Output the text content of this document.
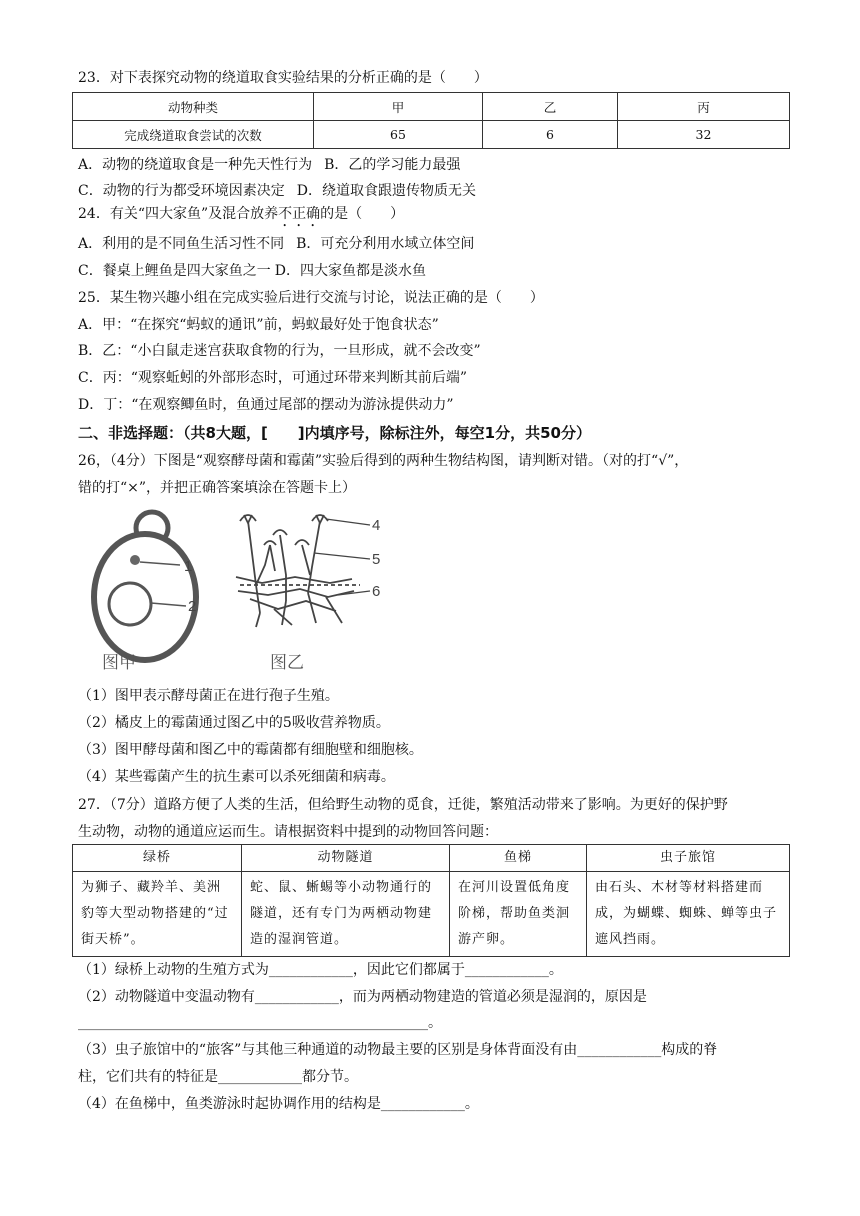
23．对下表探究动物的绕道取食实验结果的分析正确的是（　　）
动物种类	甲	乙	丙
完成绕道取食尝试的次数	65	6	32
A．动物的绕道取食是一种先天性行为 B．乙的学习能力最强
C．动物的行为都受环境因素决定 D．绕道取食跟遗传物质无关
24．有关“四大家鱼”及混合放养不正确的是（　　）
A．利用的是不同鱼生活习性不同 B．可充分利用水域立体空间
C．餐桌上鲤鱼是四大家鱼之一 D．四大家鱼都是淡水鱼
25．某生物兴趣小组在完成实验后进行交流与讨论，说法正确的是（　　）
A．甲：“在探究“蚂蚁的通讯”前，蚂蚁最好处于饱食状态”
B．乙：“小白鼠走迷宫获取食物的行为，一旦形成，就不会改变”
C．丙：“观察蚯蚓的外部形态时，可通过环带来判断其前后端”
D．丁：“在观察鲫鱼时，鱼通过尾部的摆动为游泳提供动力”
二、非选择题：（共8大题，[　　]内填序号，除标注外，每空1分，共50分）
26，（4分）下图是“观察酵母菌和霉菌”实验后得到的两种生物结构图，请判断对错。（对的打“√”，
错的打“×”，并把正确答案填涂在答题卡上）
1
2
图甲
4
5
6
图乙
（1）图甲表示酵母菌正在进行孢子生殖。
（2）橘皮上的霉菌通过图乙中的5吸收营养物质。
（3）图甲酵母菌和图乙中的霉菌都有细胞壁和细胞核。
（4）某些霉菌产生的抗生素可以杀死细菌和病毒。
27．（7分）道路方便了人类的生活，但给野生动物的觅食，迁徙，繁殖活动带来了影响。为更好的保护野
生动物，动物的通道应运而生。请根据资料中提到的动物回答问题：
绿桥	动物隧道	鱼梯	虫子旅馆
为狮子、藏羚羊、美洲豹等大型动物搭建的“过街天桥”。	蛇、鼠、蜥蜴等小动物通行的隧道，还有专门为两栖动物建造的湿润管道。	在河川设置低角度阶梯，帮助鱼类洄游产卵。	由石头、木材等材料搭建而成，为蝴蝶、蜘蛛、蝉等虫子遮风挡雨。
（1）绿桥上动物的生殖方式为____________，因此它们都属于____________。
（2）动物隧道中变温动物有____________，而为两栖动物建造的管道必须是湿润的，原因是
__________________________________________________。
（3）虫子旅馆中的“旅客”与其他三种通道的动物最主要的区别是身体背面没有由____________构成的脊
柱，它们共有的特征是____________都分节。
（4）在鱼梯中，鱼类游泳时起协调作用的结构是____________。
